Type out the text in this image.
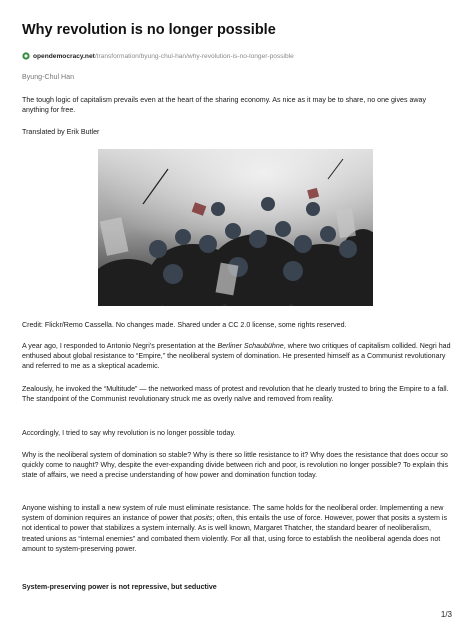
Why revolution is no longer possible
opendemocracy.net /transformation/byung-chul-han/why-revolution-is-no-longer-possible
Byung-Chul Han
The tough logic of capitalism prevails even at the heart of the sharing economy. As nice as it may be to share, no one gives away anything for free.
Translated by Erik Butler
Credit: Flickr/Remo Cassella. No changes made. Shared under a CC 2.0 license, some rights reserved.
A year ago, I responded to Antonio Negri’s presentation at the Berliner Schaubühne, where two critiques of capitalism collided. Negri had enthused about global resistance to “Empire,” the neoliberal system of domination. He presented himself as a Communist revolutionary and referred to me as a skeptical academic.
Zealously, he invoked the “Multitude” — the networked mass of protest and revolution that he clearly trusted to bring the Empire to a fall. The standpoint of the Communist revolutionary struck me as overly naïve and removed from reality.
Accordingly, I tried to say why revolution is no longer possible today.
Why is the neoliberal system of domination so stable? Why is there so little resistance to it? Why does the resistance that does occur so quickly come to naught? Why, despite the ever-expanding divide between rich and poor, is revolution no longer possible? To explain this state of affairs, we need a precise understanding of how power and domination function today.
Anyone wishing to install a new system of rule must eliminate resistance. The same holds for the neoliberal order. Implementing a new system of dominion requires an instance of power that posits; often, this entails the use of force. However, power that posits a system is not identical to power that stabilizes a system internally. As is well known, Margaret Thatcher, the standard bearer of neoliberalism, treated unions as “internal enemies” and combated them violently. For all that, using force to establish the neoliberal agenda does not amount to system-preserving power.
System-preserving power is not repressive, but seductive
1/3
